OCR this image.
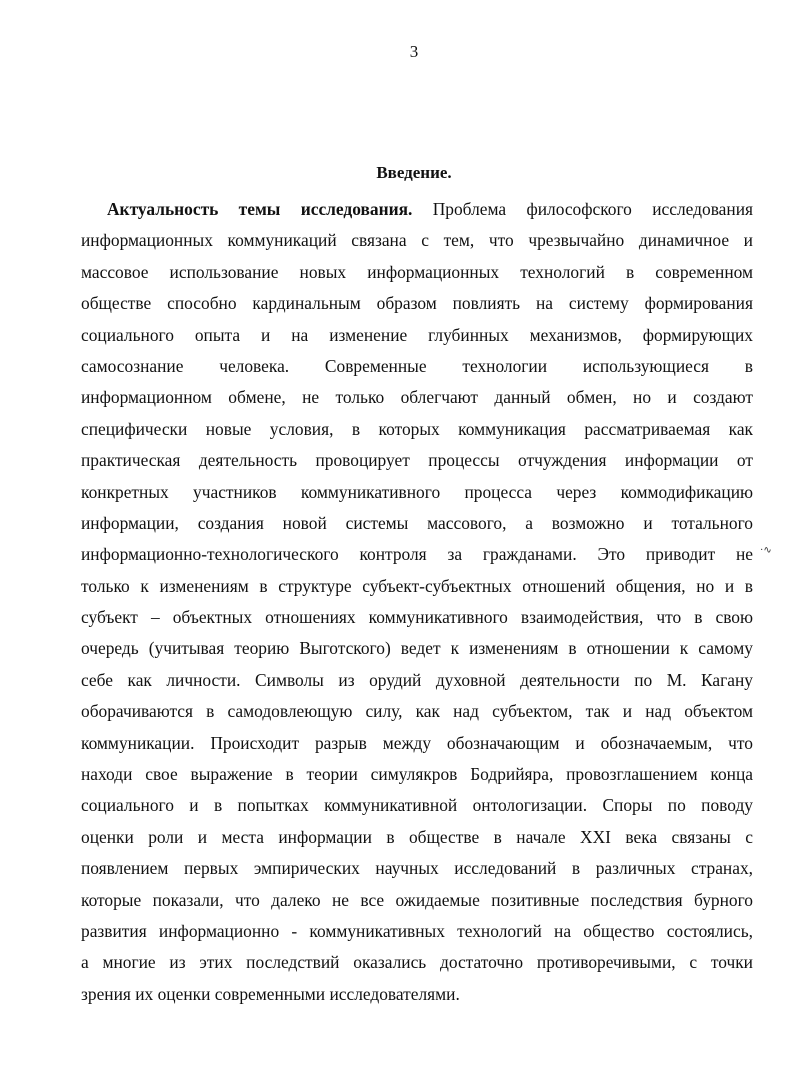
3
Введение.
Актуальность темы исследования. Проблема философского исследования
информационных коммуникаций связана с тем, что чрезвычайно динамичное и
массовое использование новых информационных технологий в современном
обществе способно кардинальным образом повлиять на систему формирования
социального опыта и на изменение глубинных механизмов, формирующих
самосознание человека. Современные технологии использующиеся в
информационном обмене, не только облегчают данный обмен, но и создают
специфически новые условия, в которых коммуникация рассматриваемая как
практическая деятельность провоцирует процессы отчуждения информации от
конкретных участников коммуникативного процесса через коммодификацию
информации, создания новой системы массового, а возможно и тотального
информационно-технологического контроля за гражданами. Это приводит не
только к изменениям в структуре субъект-субъектных отношений общения, но и в
субъект – объектных отношениях коммуникативного взаимодействия, что в свою
очередь (учитывая теорию Выготского) ведет к изменениям в отношении к самому
себе как личности. Символы из орудий духовной деятельности по М. Кагану
оборачиваются в самодовлеющую силу, как над субъектом, так и над объектом
коммуникации. Происходит разрыв между обозначающим и обозначаемым, что
находи свое выражение в теории симулякров Бодрийяра, провозглашением конца
социального и в попытках коммуникативной онтологизации. Споры по поводу
оценки роли и места информации в обществе в начале XXI века связаны с
появлением первых эмпирических научных исследований в различных странах,
которые показали, что далеко не все ожидаемые позитивные последствия бурного
развития информационно - коммуникативных технологий на общество состоялись,
а многие из этих последствий оказались достаточно противоречивыми, с точки
зрения их оценки современными исследователями.
·∿
